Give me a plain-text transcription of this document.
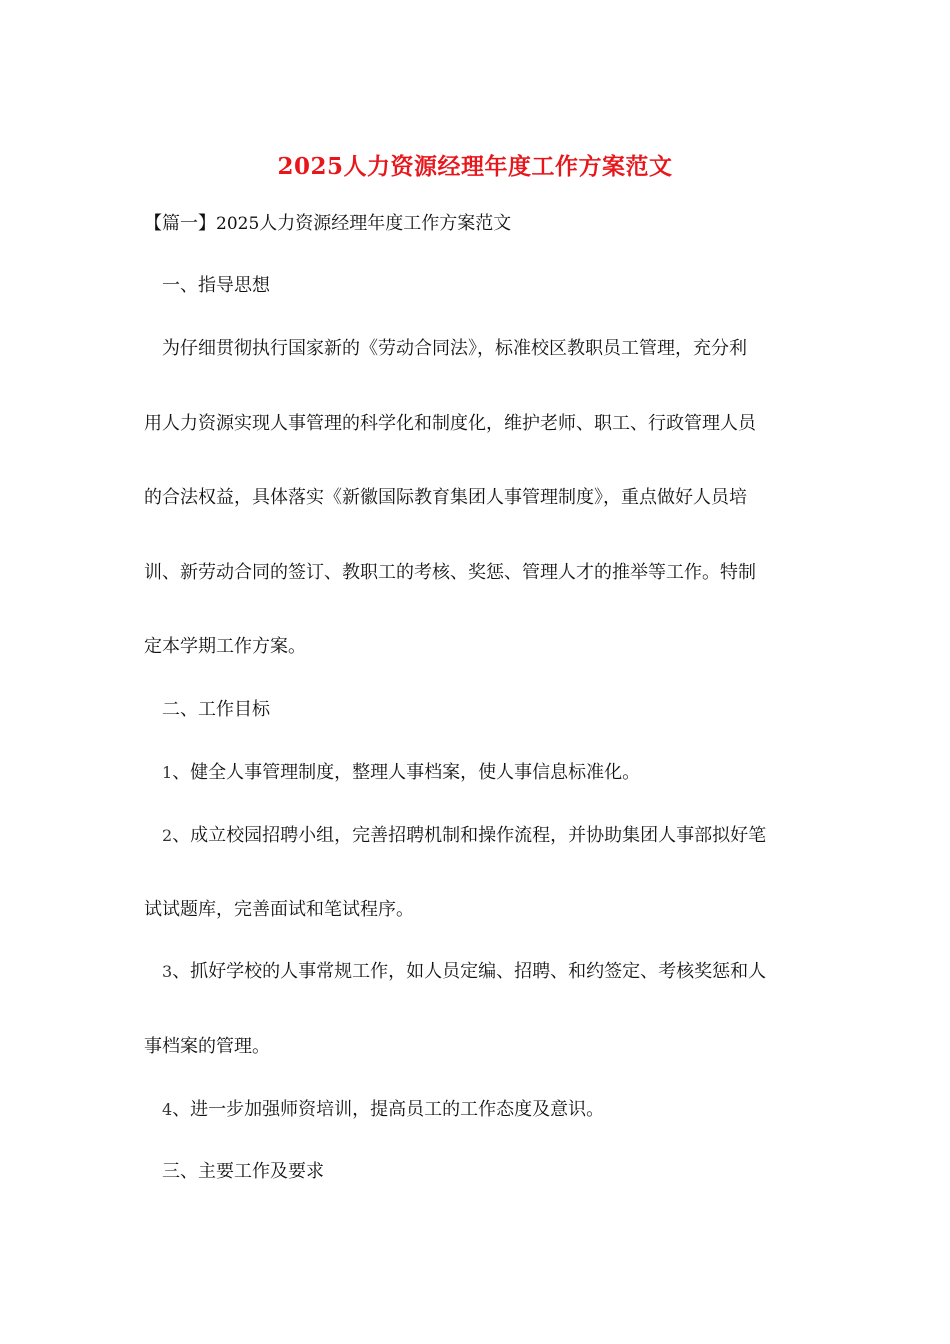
2025人力资源经理年度工作方案范文

【篇一】2025人力资源经理年度工作方案范文

一、指导思想

为仔细贯彻执行国家新的《劳动合同法》，标准校区教职员工管理，充分利

用人力资源实现人事管理的科学化和制度化，维护老师、职工、行政管理人员

的合法权益，具体落实《新徽国际教育集团人事管理制度》，重点做好人员培

训、新劳动合同的签订、教职工的考核、奖惩、管理人才的推举等工作。特制

定本学期工作方案。

二、工作目标

1、健全人事管理制度，整理人事档案，使人事信息标准化。

2、成立校园招聘小组，完善招聘机制和操作流程，并协助集团人事部拟好笔

试试题库，完善面试和笔试程序。

3、抓好学校的人事常规工作，如人员定编、招聘、和约签定、考核奖惩和人

事档案的管理。

4、进一步加强师资培训，提高员工的工作态度及意识。

三、主要工作及要求
